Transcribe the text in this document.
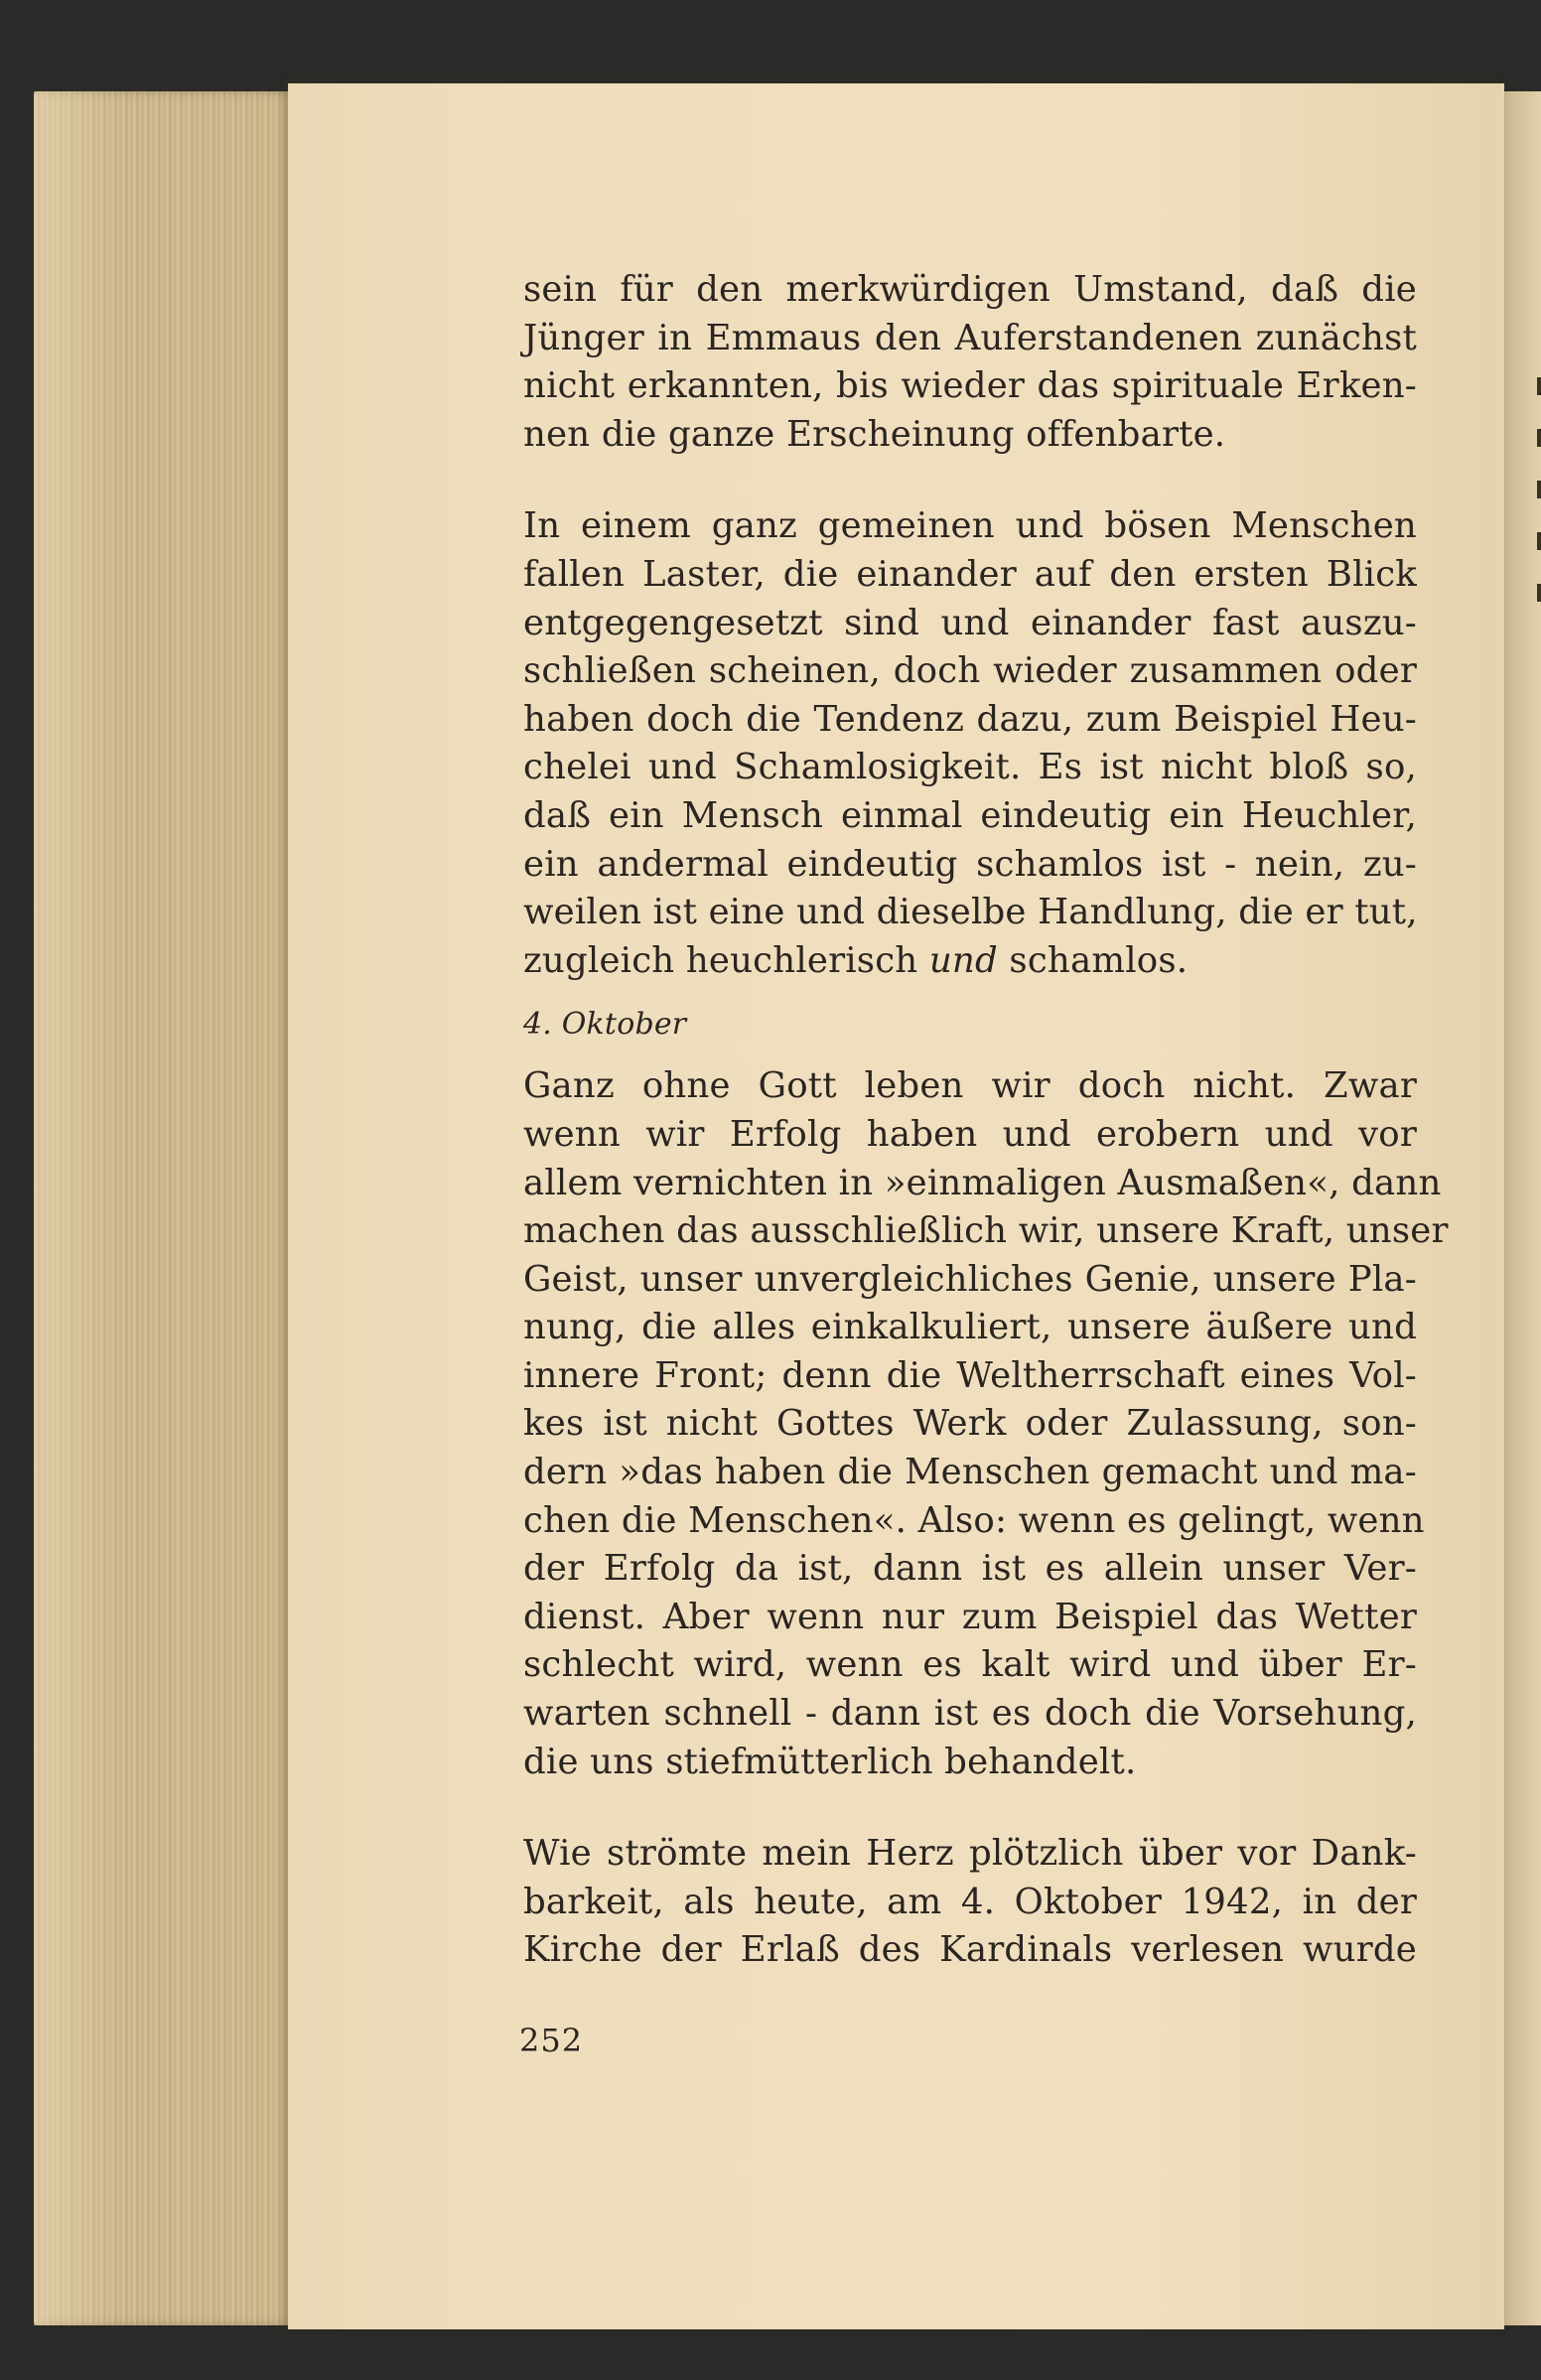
sein für den merkwürdigen Umstand, daß die
Jünger in Emmaus den Auferstandenen zunächst
nicht erkannten, bis wieder das spirituale Erken-
nen die ganze Erscheinung offenbarte.
In einem ganz gemeinen und bösen Menschen
fallen Laster, die einander auf den ersten Blick
entgegengesetzt sind und einander fast auszu-
schließen scheinen, doch wieder zusammen oder
haben doch die Tendenz dazu, zum Beispiel Heu-
chelei und Schamlosigkeit. Es ist nicht bloß so,
daß ein Mensch einmal eindeutig ein Heuchler,
ein andermal eindeutig schamlos ist - nein, zu-
weilen ist eine und dieselbe Handlung, die er tut,
zugleich heuchlerisch und schamlos.
4. Oktober
Ganz ohne Gott leben wir doch nicht. Zwar
wenn wir Erfolg haben und erobern und vor
allem vernichten in »einmaligen Ausmaßen«, dann
machen das ausschließlich wir, unsere Kraft, unser
Geist, unser unvergleichliches Genie, unsere Pla-
nung, die alles einkalkuliert, unsere äußere und
innere Front; denn die Weltherrschaft eines Vol-
kes ist nicht Gottes Werk oder Zulassung, son-
dern »das haben die Menschen gemacht und ma-
chen die Menschen«. Also: wenn es gelingt, wenn
der Erfolg da ist, dann ist es allein unser Ver-
dienst. Aber wenn nur zum Beispiel das Wetter
schlecht wird, wenn es kalt wird und über Er-
warten schnell - dann ist es doch die Vorsehung,
die uns stiefmütterlich behandelt.
Wie strömte mein Herz plötzlich über vor Dank-
barkeit, als heute, am 4. Oktober 1942, in der
Kirche der Erlaß des Kardinals verlesen wurde
252
